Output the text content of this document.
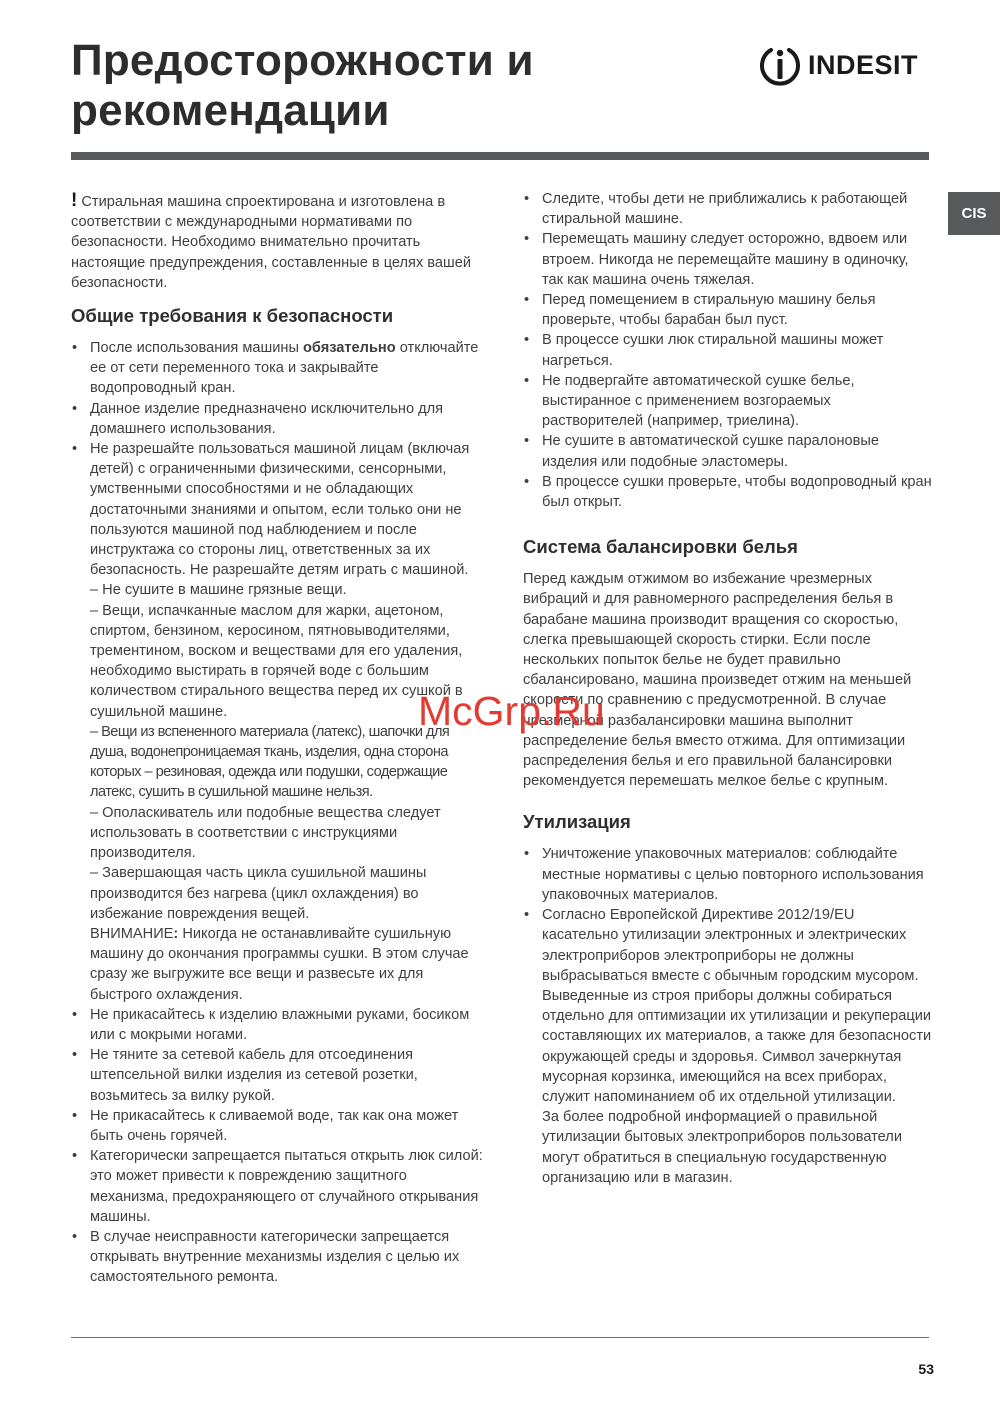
Предосторожности и
рекомендации
INDESIT
CIS

! Стиральная машина спроектирована и изготовлена в соответствии с международными нормативами по безопасности. Необходимо внимательно прочитать настоящие предупреждения, составленные в целях вашей безопасности.

Общие требования к безопасности
• После использования машины обязательно отключайте ее от сети переменного тока и закрывайте водопроводный кран.
• Данное изделие предназначено исключительно для домашнего использования.
• Не разрешайте пользоваться машиной лицам (включая детей) с ограниченными физическими, сенсорными, умственными способностями и не обладающих достаточными знаниями и опытом, если только они не пользуются машиной под наблюдением и после инструктажа со стороны лиц, ответственных за их безопасность. Не разрешайте детям играть с машиной.
– Не сушите в машине грязные вещи.
– Вещи, испачканные маслом для жарки, ацетоном, спиртом, бензином, керосином, пятновыводителями, трементином, воском и веществами для его удаления, необходимо выстирать в горячей воде с большим количеством стирального вещества перед их сушкой в сушильной машине.
– Вещи из вспененного материала (латекс), шапочки для душа, водонепроницаемая ткань, изделия, одна сторона которых – резиновая, одежда или подушки, содержащие латекс, сушить в сушильной машине нельзя.
– Ополаскиватель или подобные вещества следует использовать в соответствии с инструкциями производителя.
– Завершающая часть цикла сушильной машины производится без нагрева (цикл охлаждения) во избежание повреждения вещей.
ВНИМАНИЕ: Никогда не останавливайте сушильную машину до окончания программы сушки. В этом случае сразу же выгружите все вещи и развесьте их для быстрого охлаждения.
• Не прикасайтесь к изделию влажными руками, босиком или с мокрыми ногами.
• Не тяните за сетевой кабель для отсоединения штепсельной вилки изделия из сетевой розетки, возьмитесь за вилку рукой.
• Не прикасайтесь к сливаемой воде, так как она может быть очень горячей.
• Категорически запрещается пытаться открыть люк силой: это может привести к повреждению защитного механизма, предохраняющего от случайного открывания машины.
• В случае неисправности категорически запрещается открывать внутренние механизмы изделия с целью их самостоятельного ремонта.
• Следите, чтобы дети не приближались к работающей стиральной машине.
• Перемещать машину следует осторожно, вдвоем или втроем. Никогда не перемещайте машину в одиночку, так как машина очень тяжелая.
• Перед помещением в стиральную машину белья проверьте, чтобы барабан был пуст.
• В процессе сушки люк стиральной машины может нагреться.
• Не подвергайте автоматической сушке белье, выстиранное с применением возгораемых растворителей (например, триелина).
• Не сушите в автоматической сушке паралоновые изделия или подобные эластомеры.
• В процессе сушки проверьте, чтобы водопроводный кран был открыт.
Система балансировки белья

Перед каждым отжимом во избежание чрезмерных вибраций и для равномерного распределения белья в барабане машина производит вращения со скоростью, слегка превышающей скорость стирки. Если после нескольких попыток белье не будет правильно сбалансировано, машина произведет отжим на меньшей скорости по сравнению с предусмотренной. В случае чрезмерной разбалансировки машина выполнит распределение белья вместо отжима. Для оптимизации распределения белья и его правильной балансировки рекомендуется перемешать мелкое белье с крупным.

Утилизация
• Уничтожение упаковочных материалов: соблюдайте местные нормативы с целью повторного использования упаковочных материалов.
• Согласно Европейской Директиве 2012/19/EU касательно утилизации электронных и электрических электроприборов электроприборы не должны выбрасываться вместе с обычным городским мусором. Выведенные из строя приборы должны собираться отдельно для оптимизации их утилизации и рекуперации составляющих их материалов, а также для безопасности окружающей среды и здоровья. Символ зачеркнутая мусорная корзинка, имеющийся на всех приборах, служит напоминанием об их отдельной утилизации.
За более подробной информацией о правильной утилизации бытовых электроприборов пользователи могут обратиться в специальную государственную организацию или в магазин.
McGrp.Ru
53
